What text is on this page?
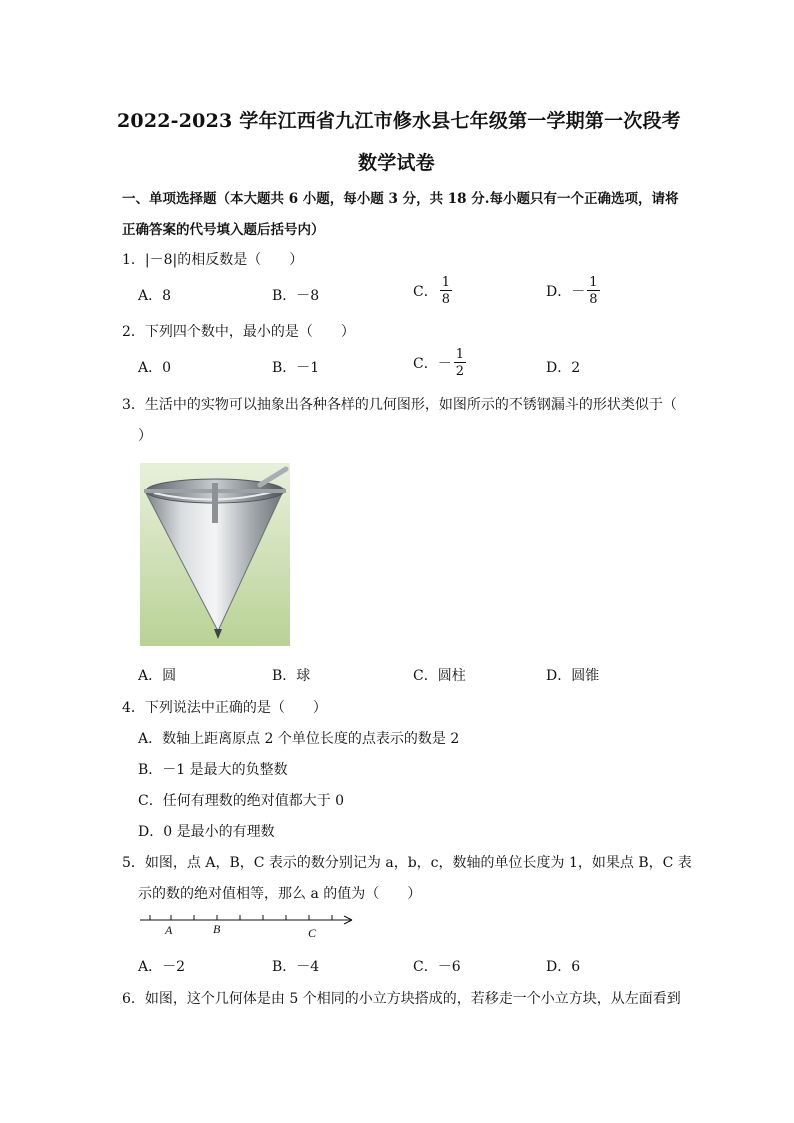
2022-2023 学年江西省九江市修水县七年级第一学期第一次段考
数学试卷
一、单项选择题（本大题共 6 小题，每小题 3 分，共 18 分.每小题只有一个正确选项，请将
正确答案的代号填入题后括号内）
1．|－8|的相反数是（　　）
A．8	B．－8	C． $\frac{1}{8}$	D．－ $\frac{1}{8}$
2．下列四个数中，最小的是（　　）
A．0	B．－1	C．－ $\frac{1}{2}$	D．2
3．生活中的实物可以抽象出各种各样的几何图形，如图所示的不锈钢漏斗的形状类似于（
）
A．圆	B．球	C．圆柱	D．圆锥
4．下列说法中正确的是（　　）
A．数轴上距离原点 2 个单位长度的点表示的数是 2
B．－1 是最大的负整数
C．任何有理数的绝对值都大于 0
D．0 是最小的有理数
5．如图，点 A，B，C 表示的数分别记为 a，b，c，数轴的单位长度为 1，如果点 B，C 表
示的数的绝对值相等，那么 a 的值为（　　）
A	B	C
A．－2	B．－4	C．－6	D．6
6．如图，这个几何体是由 5 个相同的小立方块搭成的，若移走一个小立方块，从左面看到
